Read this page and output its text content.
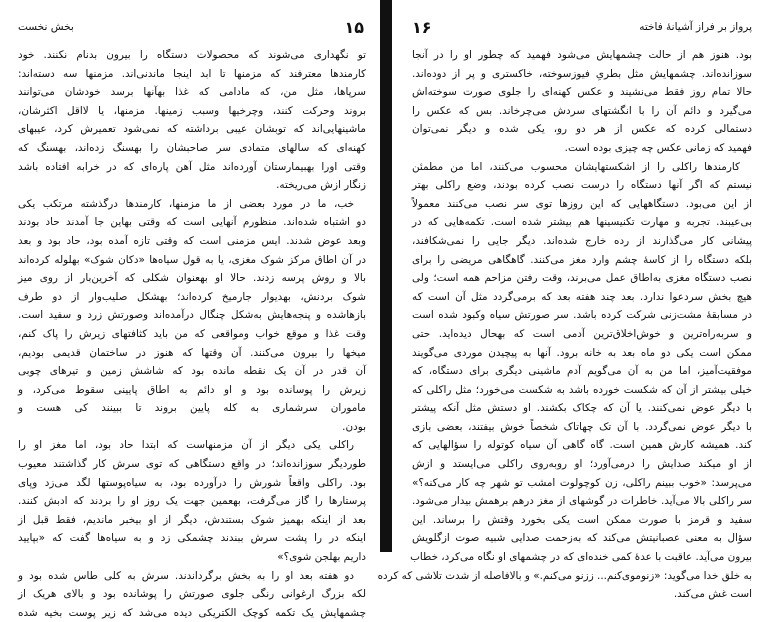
بخش نخست	۱۵
تو نگهداری می‌شوند که محصولات دستگاه را بیرون بدنام نکنند. خود
کارمندها معترفند که مزمنها تا ابد اینجا ماندنی‌اند. مزمنها سه دسته‌اند:
سرپاها، مثل من، که مادامی که غذا بهآنها برسد خودشان می‌توانند
برو‌ند وحرکت کنند، وچرخیها وسبب زمینها. مزمنها، یا لااقل اکثرشان،
ماشینهایی‌اند که توبشان عیبی برداشته که نمی‌شود تعمیرش کرد، عیبهای
کهنه‌ای که سالهای متمادی سر صاحبشان را بهسنگ زده‌اند، بهسنگ که
وقتی اورا بهبیمارستان آورده‌اند مثل آهن پاره‌ای که در خرابه افتاده باشد
زنگار ازش می‌ریخته.
خب، ما در مورد بعضی از ما مزمنها، کارمندها درگذشته مرتکب یکی
دو اشتباه شده‌اند. منظورم آنهایی است که وقتی بهاین جا آمدند حاد بودند
وبعد عوض شدند. ایس مزمنی است که وقتی تازه آمده بود، حاد بود و بعد
در آن اطاق مرکز شوک مغزی، یا به قول سیاه‌ها «دکان شوک» بهلوله کرده‌اند
بالا و روش پرسه زدند. حالا او بهعنوان شکلی که آخرین‌بار از روی میز
شوک بردنش، بهدیوار جارمیخ کرده‌اند؛ بهشکل صلیب‌وار از دو طرف
بازهاشده و پنجه‌هایش به‌شکل چنگال درآمده‌اند وصورتش زرد و سفید است.
وقت غذا و موقع خواب ومواقعی که من باید کثافتهای زیرش را پاک کنم،
میخها را بیرون می‌کنند. آن وقتها که هنوز در ساختمان قدیمی بودیم،
آن قدر در آن یک نقطه مانده بود که شاشش زمین و تیرهای چوبی
زیرش را پوسانده بود و او دائم به اطاق پایینی سقوط می‌کرد، و
ماموران سرشماری به کله پایین بروند تا ببینند کی هست و
بودن.
راکلی یکی دیگر از آن مزمنهاست که ابتدا حاد بود، اما مغز او را
طوردیگر سوزانده‌اند؛ در واقع دستگاهی که توی سرش کار گذاشتند معیوب
بود. راکلی واقعاً شورش را درآورده بود، به سیاه‌پوستها لگد می‌زد وپای
پرستارها را گاز می‌گرفت، بهعمین جهت یک روز او را بردند که ادبش کنند.
بعد از اینکه بهمیز شوک بستندش، دیگر از او بیخبر ماندیم، فقط قبل از
اینکه در را پشت سرش ببندند چشمکی زد و به سیاه‌ها گفت که «بپایید
داریم بهلجن شوی؟»
دو هفته بعد او را به بخش برگرداندند. سرش به کلی طاس شده بود و
لکه بزرگ ارغوانی رنگی جلوی صورتش را پوشانده بود و بالای هریک از
چشمهایش یک تکمه کوچک الکتریکی دیده می‌شد که زیر پوست بخیه شده
۱۶	پرواز بر فراز آشیانهٔ فاخته
بود. هنوز هم از حالت چشمهایش می‌شود فهمید که چطور او را در آنجا
سوزانده‌اند. چشمهایش مثل بطریِ فیوزسوخته، خاکستری و پر از دوده‌اند.
حالا تمام روز فقط می‌نشیند و عکس کهنه‌ای را جلوی صورت سوخته‌اش
می‌گیرد و دائم آن را با انگشتهای سردش می‌چرخاند. بس که عکس را
دستمالی کرده که عکس از هر دو رو، یکی شده و دیگر نمی‌توان
فهمید که زمانی عکس چه چیزی بوده است.
کارمندها راکلی را از اشکستهایشان محسوب می‌کنند، اما من مطمئن
نیستم که اگر آنها دستگاه را درست نصب کرده بودند، وضع راکلی بهتر
از این می‌بود. دستگاههایی که این روزها توی سر نصب می‌کنند معمولاً
بی‌عیبند. تجربه و مهارت تکنیسینها هم بیشتر شده است. تکمه‌هایی که در
پیشانی کار می‌گذارند از رده خارج شده‌اند. دیگر جایی را نمی‌شکافند،
بلکه دستگاه را از کاسهٔ چشم وارد مغز می‌کنند. گاهگاهی مریضی را برای
نصب دستگاه مغزی به‌اطاق عمل می‌برند، وقت رفتن مزاحم همه است؛ ولی
هیچ بخش سردعوا ندارد. بعد چند هفته بعد که برمی‌گردد مثل آن است که
در مسابقهٔ مشت‌زنی شرکت کرده باشد. سر صورتش سیاه وکبود شده است
و سربه‌راه‌ترین و خوش‌اخلاق‌ترین آدمی است که بهحال دیده‌اید. حتی
ممکن است یکی دو ماه بعد به خانه برود. آنها به پیچیدن موردی می‌گویند
موفقیت‌آمیز، اما من به آن می‌گویم آدم ماشینی دیگری برای دستگاه، که
خیلی بیشتر از آن که شکست خورده باشد به شکست می‌خورد؛ مثل راکلی که
با دیگر عوض نمی‌کنند. یا آن که چکاک بکشند. او دستش مثل آنکه پیشتر
با دیگر عوض نمی‌گردد. با آن تک چهاتاک شخصاً خوش بیفتند، بعضی بازی
کند. همیشه کارش همین است. گاه گاهی آن سیاه کوتوله را سؤالهایی که
از او میکند صدایش را درمی‌آورد؛ او روبه‌روی راکلی می‌ایستد و ازش
می‌پرسد: «خوب ببینم راکلی، زن کوچولوت امشب تو شهر چه کار می‌کنه؟»
سر راکلی بالا می‌آید. خاطرات در گوشهای از مغز درهم برهمش بیدار می‌شود.
سفید و قرمز با صورت ممکن است یکی بخورد وقتش را برساند. این
سؤال به معنی عصبانیتش می‌کند که به‌زحمت صدایی شبیه صوت ازگلویش
بیرون می‌آید. عاقبت با عدهٔ کمی خنده‌ای که در چشمهای او نگاه می‌کرد، خطاب
به خلق خدا می‌گوید: «زنوموی‌کنم... ززنو می‌کنم.» و بالافاصله از شدت تلاشی که کرده
است غش می‌کند.
